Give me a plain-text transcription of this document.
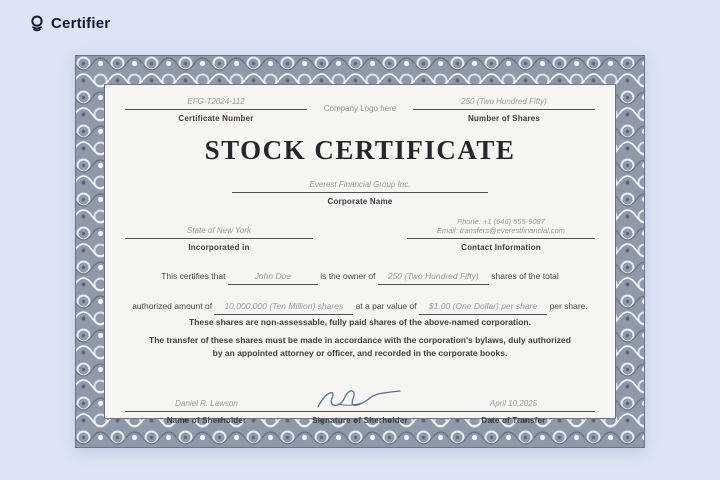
Certifier
EFG-T2024-112
Certificate Number
Company Logo here
250 (Two Hundred Fifty)
Number of Shares
STOCK CERTIFICATE
Everest Financial Group Inc.
Corporate Name
State of New York
Incorporated in
Phone: +1 (646) 555-9087
Email: transfers@everestfinancial.com
Contact Information
This certifies that	John Doe	is the owner of 250 (Two Hundred Fifty) shares of the total
authorized amount of 10,000,000 (Ten Million) shares at a par value of $1.00 (One Dollar) per share per share.
These shares are non-assessable, fully paid shares of the above-named corporation.
The transfer of these shares must be made in accordance with the corporation's bylaws, duly authorized by an appointed attorney or officer, and recorded in the corporate books.
Daniel R. Lawson
Name of Sherholder	Signature of Sherholder
April 10,2025
Date of Transfer
